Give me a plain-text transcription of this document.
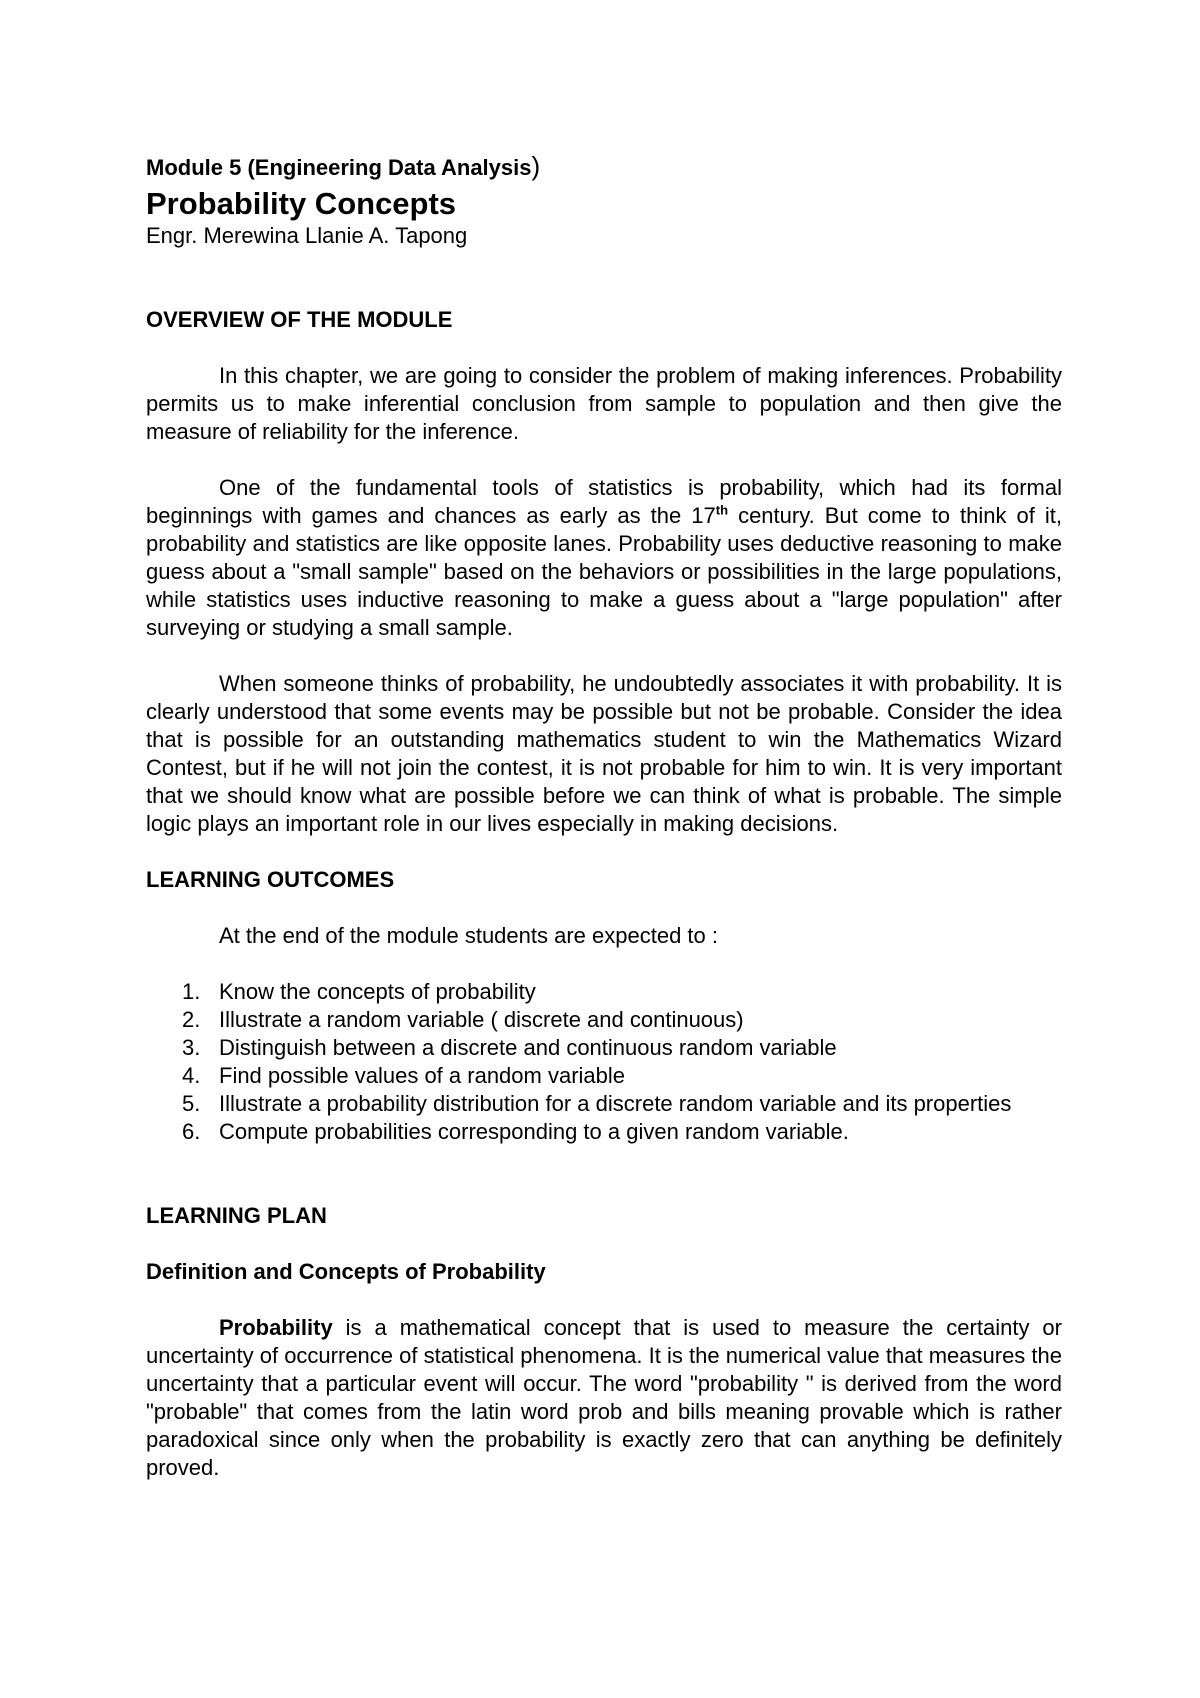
Module 5 (Engineering Data Analysis)
Probability Concepts
Engr. Merewina Llanie A. Tapong
OVERVIEW OF THE MODULE

In this chapter, we are going to consider the problem of making inferences. Probability permits us to make inferential conclusion from sample to population and then give the measure of reliability for the inference.

One of the fundamental tools of statistics is probability, which had its formal beginnings with games and chances as early as the 17th century. But come to think of it, probability and statistics are like opposite lanes. Probability uses deductive reasoning to make guess about a "small sample" based on the behaviors or possibilities in the large populations, while statistics uses inductive reasoning to make a guess about a "large population" after surveying or studying a small sample.

When someone thinks of probability, he undoubtedly associates it with probability. It is clearly understood that some events may be possible but not be probable. Consider the idea that is possible for an outstanding mathematics student to win the Mathematics Wizard Contest, but if he will not join the contest, it is not probable for him to win. It is very important that we should know what are possible before we can think of what is probable. The simple logic plays an important role in our lives especially in making decisions.

LEARNING OUTCOMES

At the end of the module students are expected to :

1. Know the concepts of probability
2. Illustrate a random variable ( discrete and continuous)
3. Distinguish between a discrete and continuous random variable
4. Find possible values of a random variable
5. Illustrate a probability distribution for a discrete random variable and its properties
6. Compute probabilities corresponding to a given random variable.
LEARNING PLAN
Definition and Concepts of Probability

Probability is a mathematical concept that is used to measure the certainty or uncertainty of occurrence of statistical phenomena. It is the numerical value that measures the uncertainty that a particular event will occur. The word "probability " is derived from the word "probable" that comes from the latin word prob and bills meaning provable which is rather paradoxical since only when the probability is exactly zero that can anything be definitely proved.
